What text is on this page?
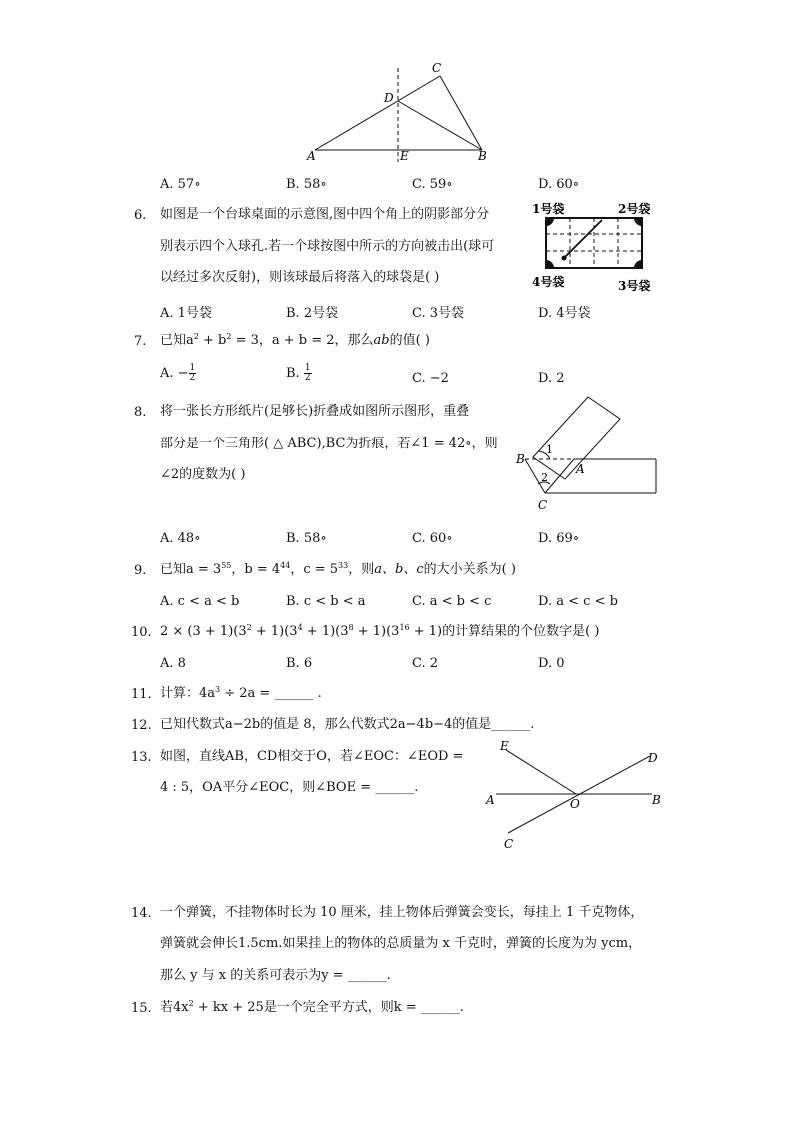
A	B
C
D
E
A. 57∘	B. 58∘	C. 59∘	D. 60∘
6. 如图是一个台球桌面的示意图,图中四个角上的阴影部分分
别表示四个入球孔.若一个球按图中所示的方向被击出(球可
以经过多次反射)，则该球最后将落入的球袋是( )
1号袋	2号袋
4号袋	3号袋
A. 1号袋	B. 2号袋	C. 3号袋	D. 4号袋
7. 已知$a^2 + b^2 = 3$，a + b = 2，那么ab的值( )
A. − $\frac{1}{2}$	B. $\frac{1}{2}$	C. −2	D. 2
8. 将一张长方形纸片(足够长)折叠成如图所示图形，重叠
部分是一个三角形( △ ABC),BC为折痕，若∠1 = 42∘，则
∠2的度数为( )
B
A
C
1
2
A. 48∘	B. 58∘	C. 60∘	D. 69∘
9. 已知$a = 3^{55}$，$b = 4^{44}$，$c = 5^{33}$，则a、b、c的大小关系为( )
A. c < a < b	B. c < b < a	C. a < b < c	D. a < c < b
10. $2 \times (3 + 1)(3^2 + 1)(3^4 + 1)(3^8 + 1)(3^{16} + 1)$的计算结果的个位数字是( )
A. 8	B. 6	C. 2	D. 0
11. 计算：$4a^3 \div 2a$ = ______ .
12. 已知代数式a−2b的值是 8，那么代数式2a−4b−4的值是______.
13. 如图，直线AB，CD相交于O，若∠EOC：∠EOD =
4 : 5，OA平分∠EOC，则∠BOE = ______.
E
D
A	O	B
C
14. 一个弹簧，不挂物体时长为 10 厘米，挂上物体后弹簧会变长，每挂上 1 千克物体，
弹簧就会伸长1.5cm.如果挂上的物体的总质量为 x 千克时，弹簧的长度为为 ycm，
那么 y 与 x 的关系可表示为y = ______.
15. 若$4x^2$ + kx + 25是一个完全平方式，则k = ______.
